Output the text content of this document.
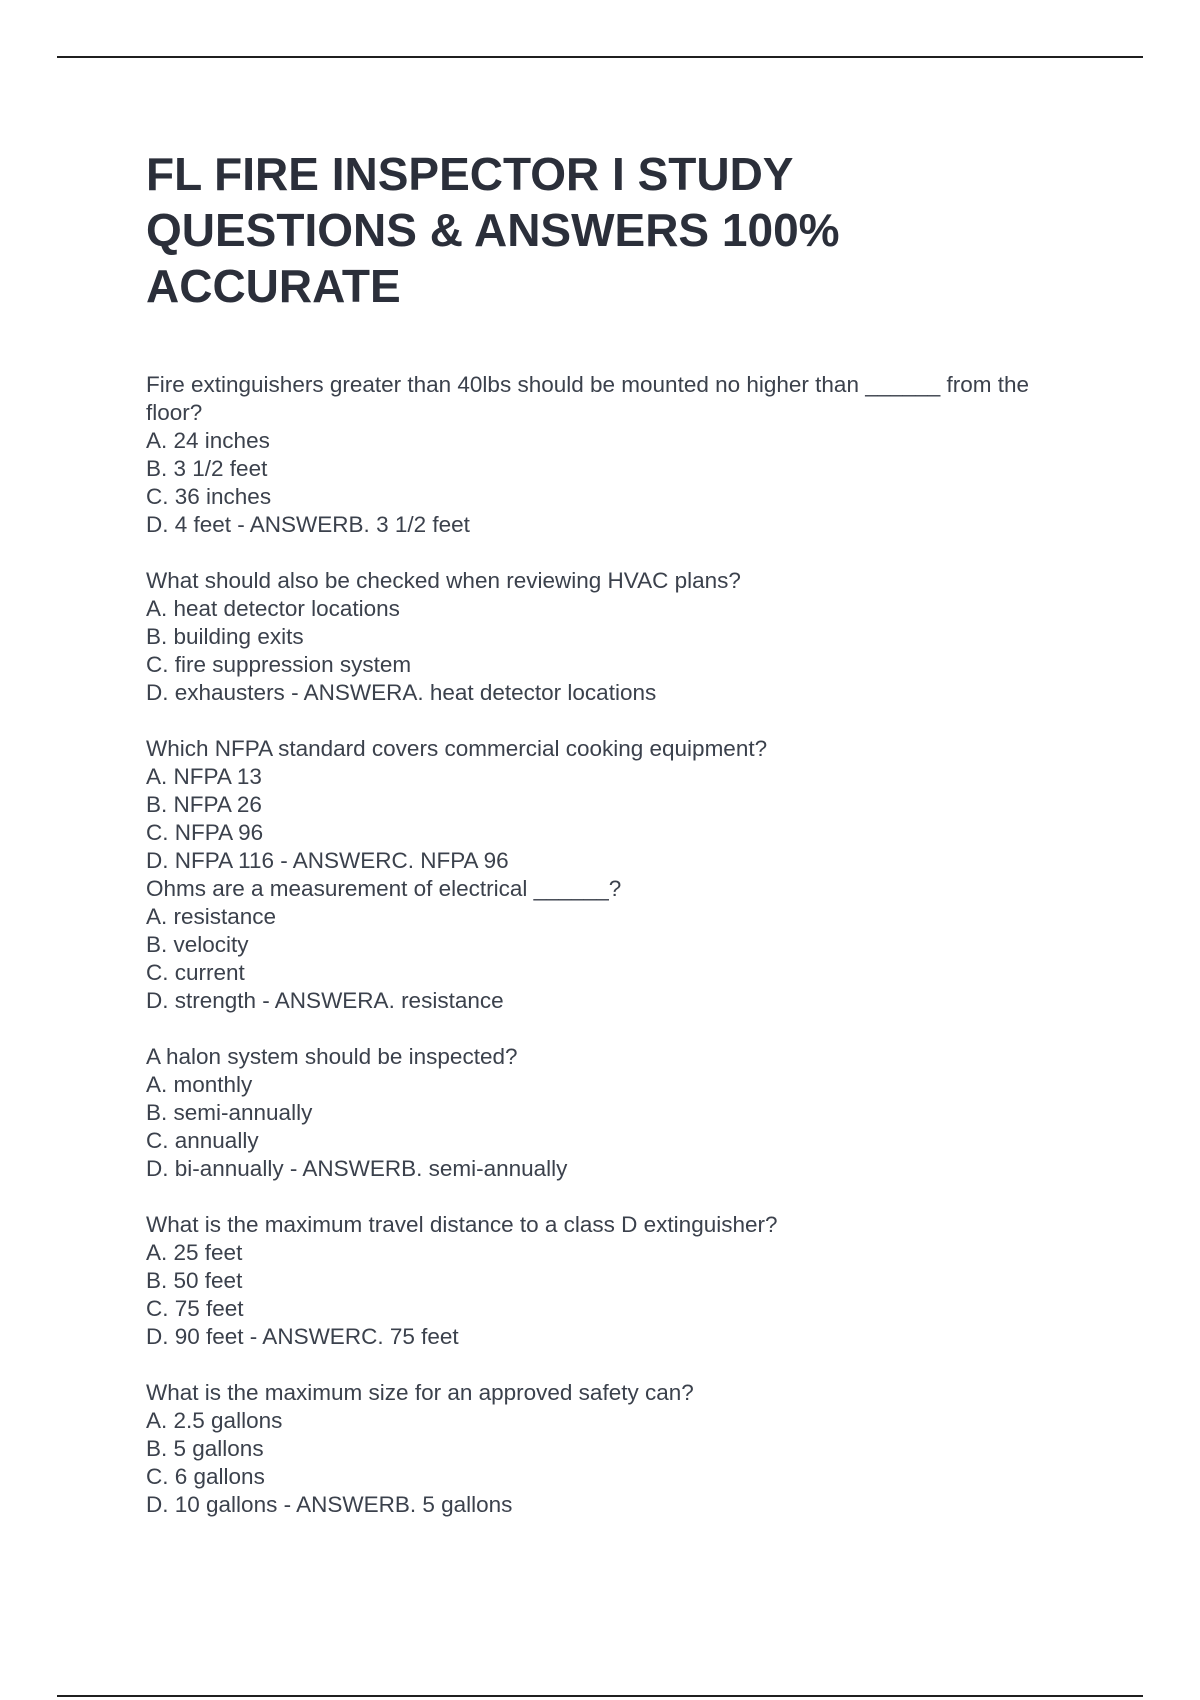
FL FIRE INSPECTOR I STUDY
QUESTIONS & ANSWERS 100%
ACCURATE
Fire extinguishers greater than 40lbs should be mounted no higher than ______ from the floor?
A. 24 inches
B. 3 1/2 feet
C. 36 inches
D. 4 feet - ANSWERB. 3 1/2 feet
What should also be checked when reviewing HVAC plans?
A. heat detector locations
B. building exits
C. fire suppression system
D. exhausters - ANSWERA. heat detector locations
Which NFPA standard covers commercial cooking equipment?
A. NFPA 13
B. NFPA 26
C. NFPA 96
D. NFPA 116 - ANSWERC. NFPA 96
Ohms are a measurement of electrical ______?
A. resistance
B. velocity
C. current
D. strength - ANSWERA. resistance
A halon system should be inspected?
A. monthly
B. semi-annually
C. annually
D. bi-annually - ANSWERB. semi-annually
What is the maximum travel distance to a class D extinguisher?
A. 25 feet
B. 50 feet
C. 75 feet
D. 90 feet - ANSWERC. 75 feet
What is the maximum size for an approved safety can?
A. 2.5 gallons
B. 5 gallons
C. 6 gallons
D. 10 gallons - ANSWERB. 5 gallons
